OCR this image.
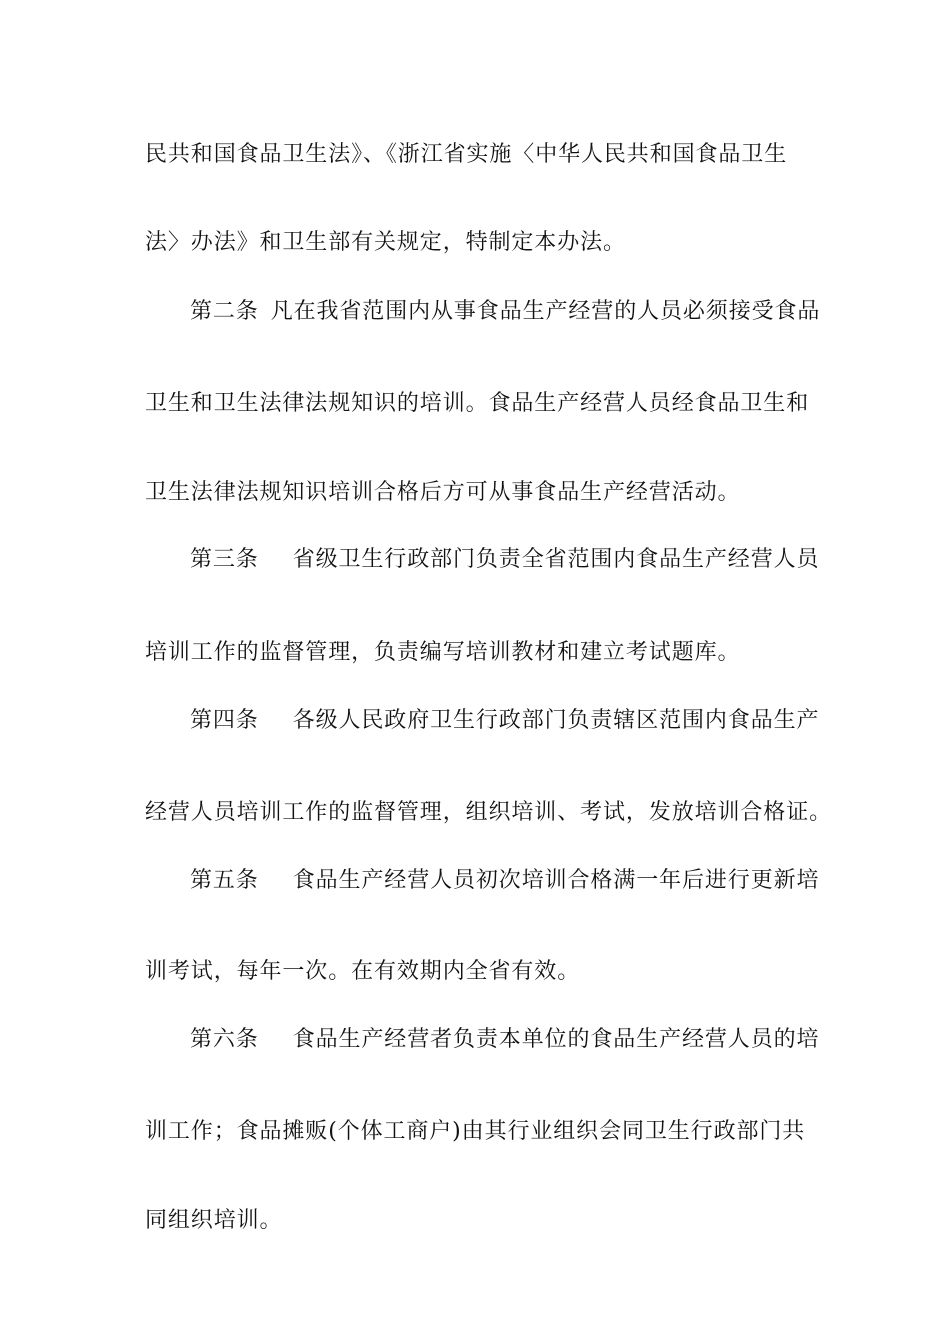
民共和国食品卫生法》、《浙江省实施〈中华人民共和国食品卫生
法〉办法》和卫生部有关规定，特制定本办法。
第二条 凡在我省范围内从事食品生产经营的人员必须接受食品
卫生和卫生法律法规知识的培训。食品生产经营人员经食品卫生和
卫生法律法规知识培训合格后方可从事食品生产经营活动。
第三条 省级卫生行政部门负责全省范围内食品生产经营人员
培训工作的监督管理，负责编写培训教材和建立考试题库。
第四条 各级人民政府卫生行政部门负责辖区范围内食品生产
经营人员培训工作的监督管理，组织培训、考试，发放培训合格证。
第五条 食品生产经营人员初次培训合格满一年后进行更新培
训考试，每年一次。在有效期内全省有效。
第六条 食品生产经营者负责本单位的食品生产经营人员的培
训工作；食品摊贩(个体工商户)由其行业组织会同卫生行政部门共
同组织培训。
